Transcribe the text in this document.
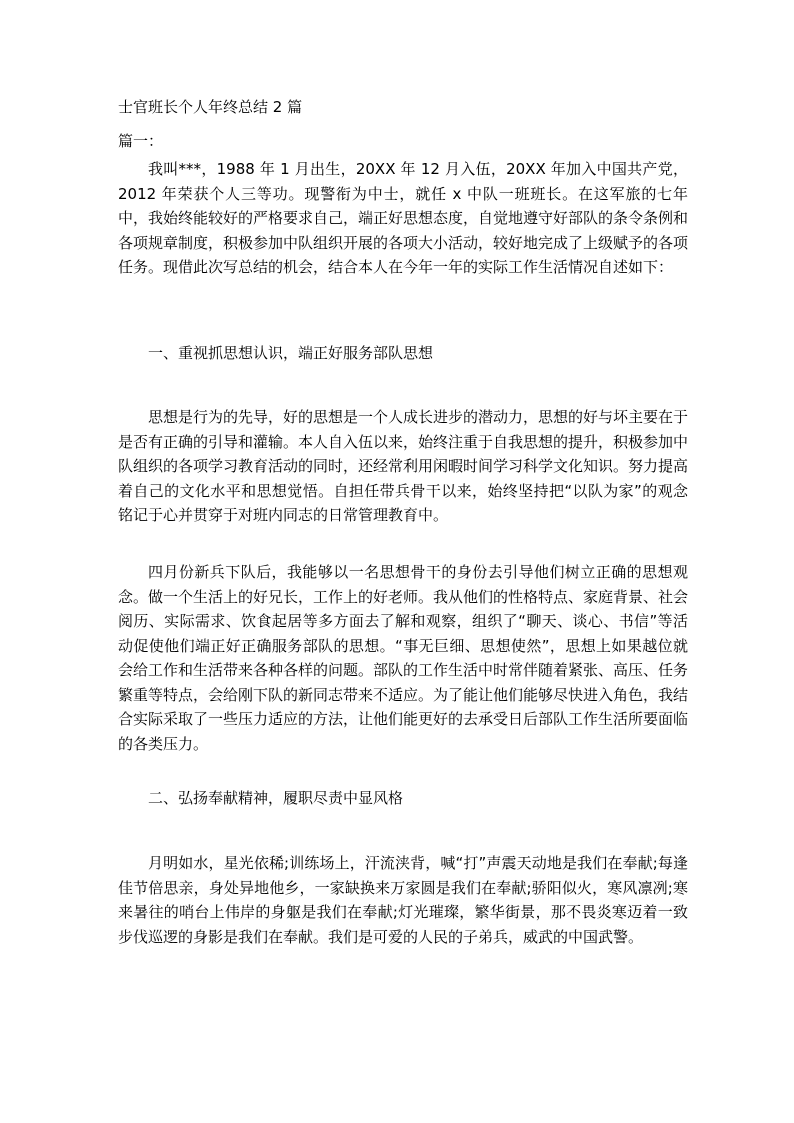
士官班长个人年终总结 2 篇
篇一：

我叫***，1988 年 1 月出生，20XX 年 12 月入伍，20XX 年加入中国共产党，2012 年荣获个人三等功。现警衔为中士，就任 x 中队一班班长。在这军旅的七年中，我始终能较好的严格要求自己，端正好思想态度，自觉地遵守好部队的条令条例和各项规章制度，积极参加中队组织开展的各项大小活动，较好地完成了上级赋予的各项任务。现借此次写总结的机会，结合本人在今年一年的实际工作生活情况自述如下：

一、重视抓思想认识，端正好服务部队思想

思想是行为的先导，好的思想是一个人成长进步的潜动力，思想的好与坏主要在于是否有正确的引导和灌输。本人自入伍以来，始终注重于自我思想的提升，积极参加中队组织的各项学习教育活动的同时，还经常利用闲暇时间学习科学文化知识。努力提高着自己的文化水平和思想觉悟。自担任带兵骨干以来，始终坚持把“以队为家”的观念铭记于心并贯穿于对班内同志的日常管理教育中。

四月份新兵下队后，我能够以一名思想骨干的身份去引导他们树立正确的思想观念。做一个生活上的好兄长，工作上的好老师。我从他们的性格特点、家庭背景、社会阅历、实际需求、饮食起居等多方面去了解和观察，组织了“聊天、谈心、书信”等活动促使他们端正好正确服务部队的思想。“事无巨细、思想使然”，思想上如果越位就会给工作和生活带来各种各样的问题。部队的工作生活中时常伴随着紧张、高压、任务繁重等特点，会给刚下队的新同志带来不适应。为了能让他们能够尽快进入角色，我结合实际采取了一些压力适应的方法，让他们能更好的去承受日后部队工作生活所要面临的各类压力。

二、弘扬奉献精神，履职尽责中显风格

月明如水，星光依稀;训练场上，汗流浃背，喊“打”声震天动地是我们在奉献;每逢佳节倍思亲，身处异地他乡，一家缺换来万家圆是我们在奉献;骄阳似火，寒风凛冽;寒来暑往的哨台上伟岸的身躯是我们在奉献;灯光璀璨，繁华街景，那不畏炎寒迈着一致步伐巡逻的身影是我们在奉献。我们是可爱的人民的子弟兵，威武的中国武警。
